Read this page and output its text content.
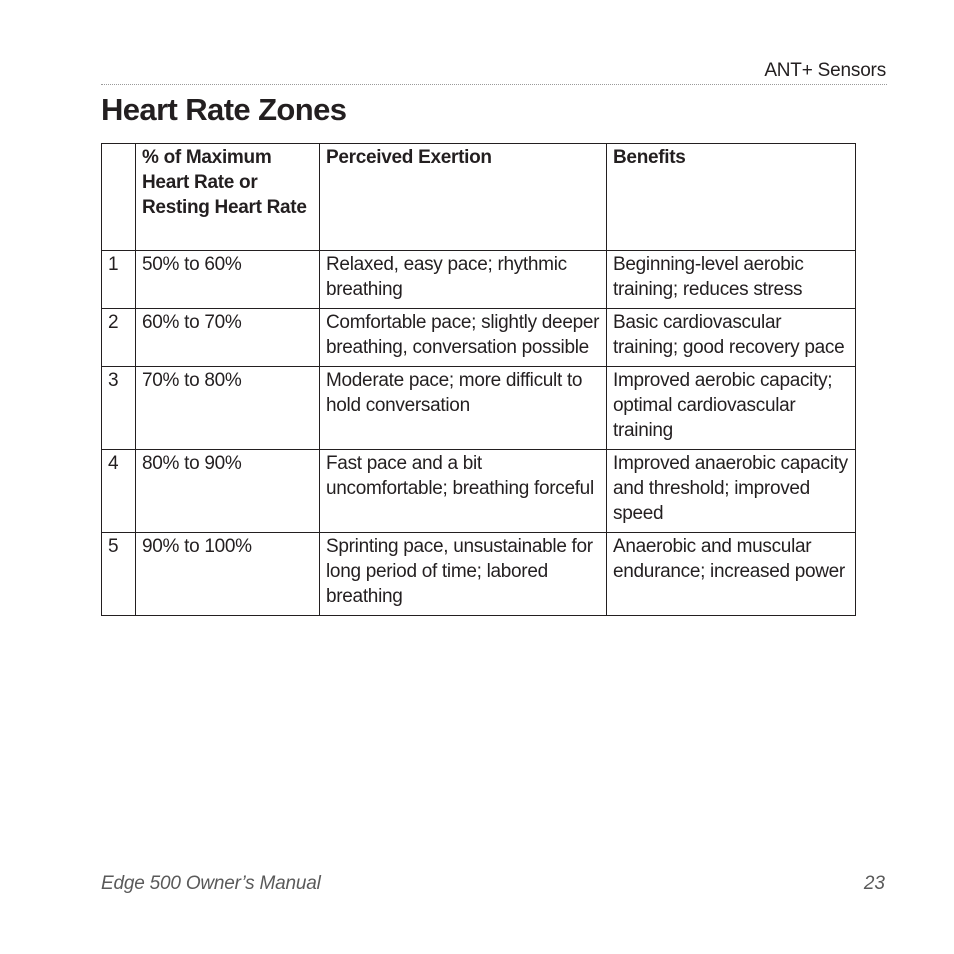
ANT+ Sensors
Heart Rate Zones
	% of Maximum Heart Rate or Resting Heart Rate	Perceived Exertion	Benefits
1	50% to 60%	Relaxed, easy pace; rhythmic breathing	Beginning-level aerobic training; reduces stress
2	60% to 70%	Comfortable pace; slightly deeper breathing, conversation possible	Basic cardiovascular training; good recovery pace
3	70% to 80%	Moderate pace; more difficult to hold conversation	Improved aerobic capacity; optimal cardiovascular training
4	80% to 90%	Fast pace and a bit uncomfortable; breathing forceful	Improved anaerobic capacity and threshold; improved speed
5	90% to 100%	Sprinting pace, unsustainable for long period of time; labored breathing	Anaerobic and muscular endurance; increased power
Edge 500 Owner’s Manual	23
